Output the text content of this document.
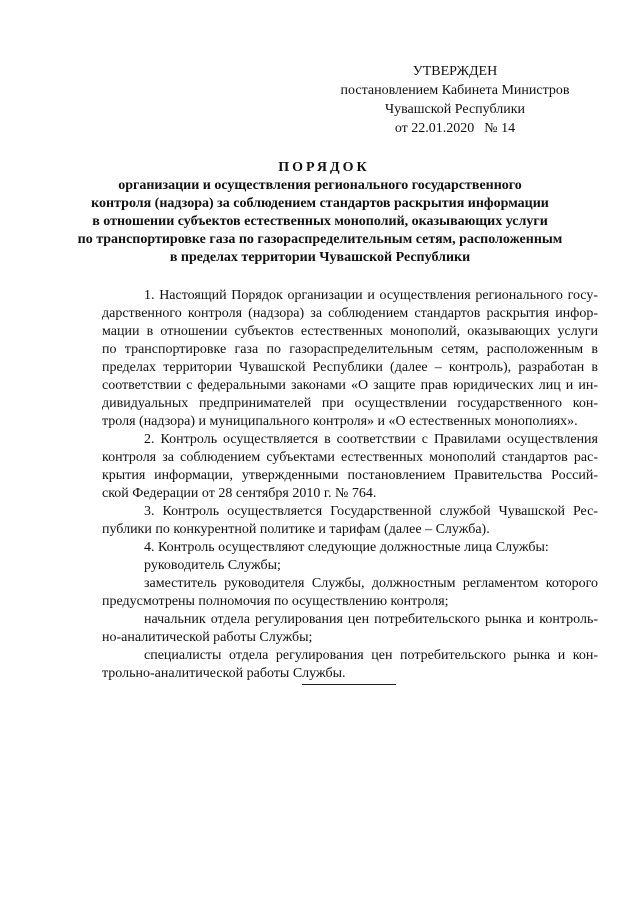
УТВЕРЖДЕН
постановлением Кабинета Министров
Чувашской Республики
от 22.01.2020 № 14
ПОРЯДОК
организации и осуществления регионального государственного
контроля (надзора) за соблюдением стандартов раскрытия информации
в отношении субъектов естественных монополий, оказывающих услуги
по транспортировке газа по газораспределительным сетям, расположенным
в пределах территории Чувашской Республики
1. Настоящий Порядок организации и осуществления регионального госу-
дарственного контроля (надзора) за соблюдением стандартов раскрытия инфор-
мации в отношении субъектов естественных монополий, оказывающих услуги
по транспортировке газа по газораспределительным сетям, расположенным в
пределах территории Чувашской Республики (далее – контроль), разработан в
соответствии с федеральными законами «О защите прав юридических лиц и ин-
дивидуальных предпринимателей при осуществлении государственного кон-
троля (надзора) и муниципального контроля» и «О естественных монополиях».
2. Контроль осуществляется в соответствии с Правилами осуществления
контроля за соблюдением субъектами естественных монополий стандартов рас-
крытия информации, утвержденными постановлением Правительства Россий-
ской Федерации от 28 сентября 2010 г. № 764.
3. Контроль осуществляется Государственной службой Чувашской Рес-
публики по конкурентной политике и тарифам (далее – Служба).
4. Контроль осуществляют следующие должностные лица Службы:
руководитель Службы;
заместитель руководителя Службы, должностным регламентом которого
предусмотрены полномочия по осуществлению контроля;
начальник отдела регулирования цен потребительского рынка и контроль-
но-аналитической работы Службы;
специалисты отдела регулирования цен потребительского рынка и кон-
трольно-аналитической работы Службы.
